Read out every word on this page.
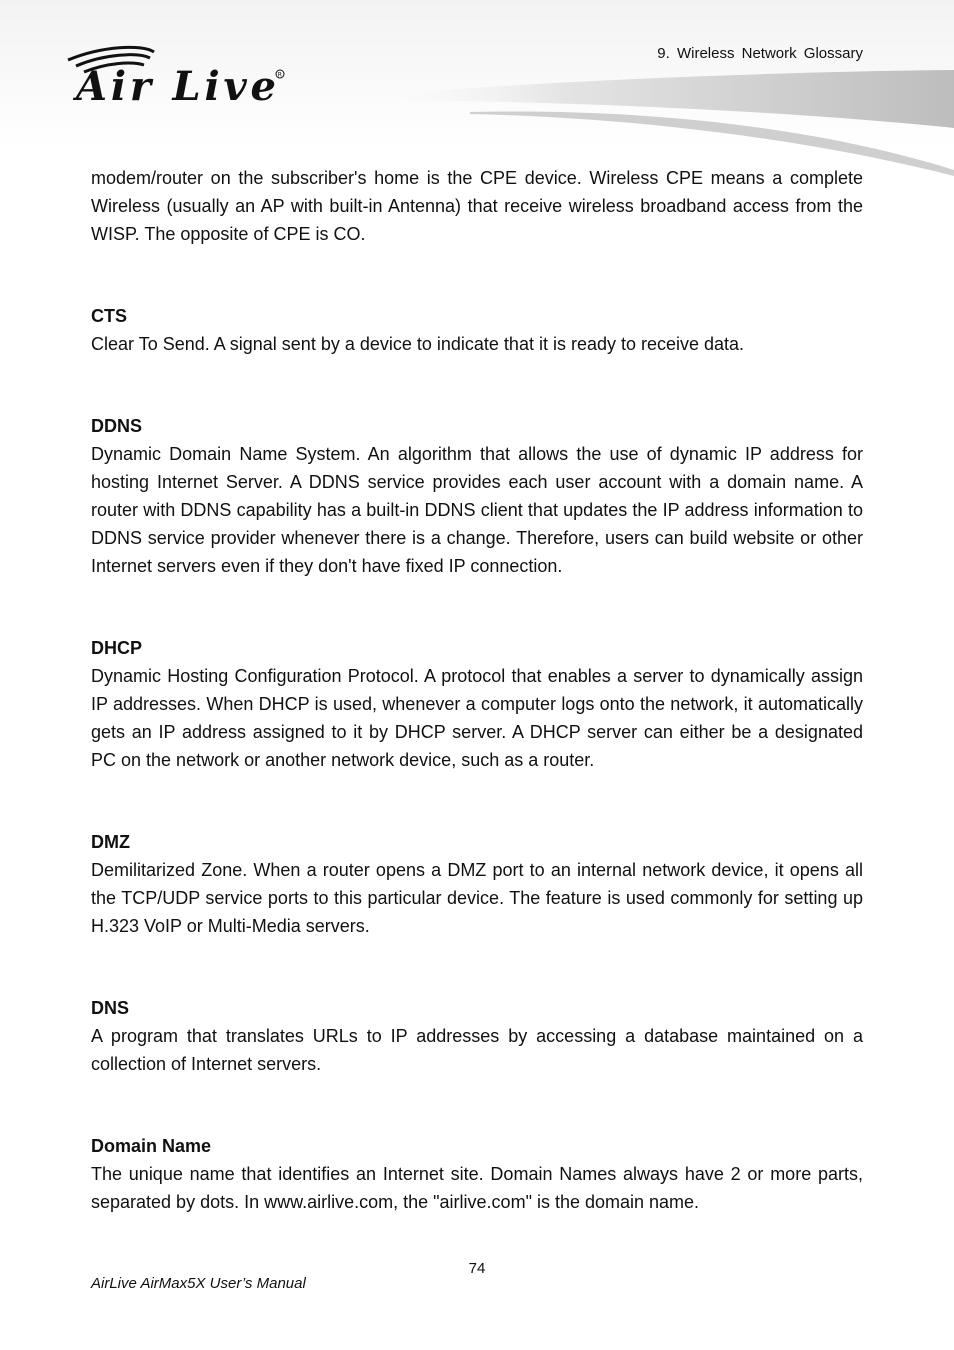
Air Live R
9. Wireless Network Glossary

modem/router on the subscriber's home is the CPE device. Wireless CPE means a complete Wireless (usually an AP with built-in Antenna) that receive wireless broadband access from the WISP. The opposite of CPE is CO.

CTS

Clear To Send. A signal sent by a device to indicate that it is ready to receive data.

DDNS

Dynamic Domain Name System. An algorithm that allows the use of dynamic IP address for hosting Internet Server. A DDNS service provides each user account with a domain name. A router with DDNS capability has a built-in DDNS client that updates the IP address information to DDNS service provider whenever there is a change. Therefore, users can build website or other Internet servers even if they don't have fixed IP connection.

DHCP

Dynamic Hosting Configuration Protocol. A protocol that enables a server to dynamically assign IP addresses. When DHCP is used, whenever a computer logs onto the network, it automatically gets an IP address assigned to it by DHCP server. A DHCP server can either be a designated PC on the network or another network device, such as a router.

DMZ

Demilitarized Zone. When a router opens a DMZ port to an internal network device, it opens all the TCP/UDP service ports to this particular device. The feature is used commonly for setting up H.323 VoIP or Multi-Media servers.

DNS

A program that translates URLs to IP addresses by accessing a database maintained on a collection of Internet servers.

Domain Name

The unique name that identifies an Internet site. Domain Names always have 2 or more parts, separated by dots. In www.airlive.com, the "airlive.com" is the domain name.

74
AirLive AirMax5X User’s Manual
